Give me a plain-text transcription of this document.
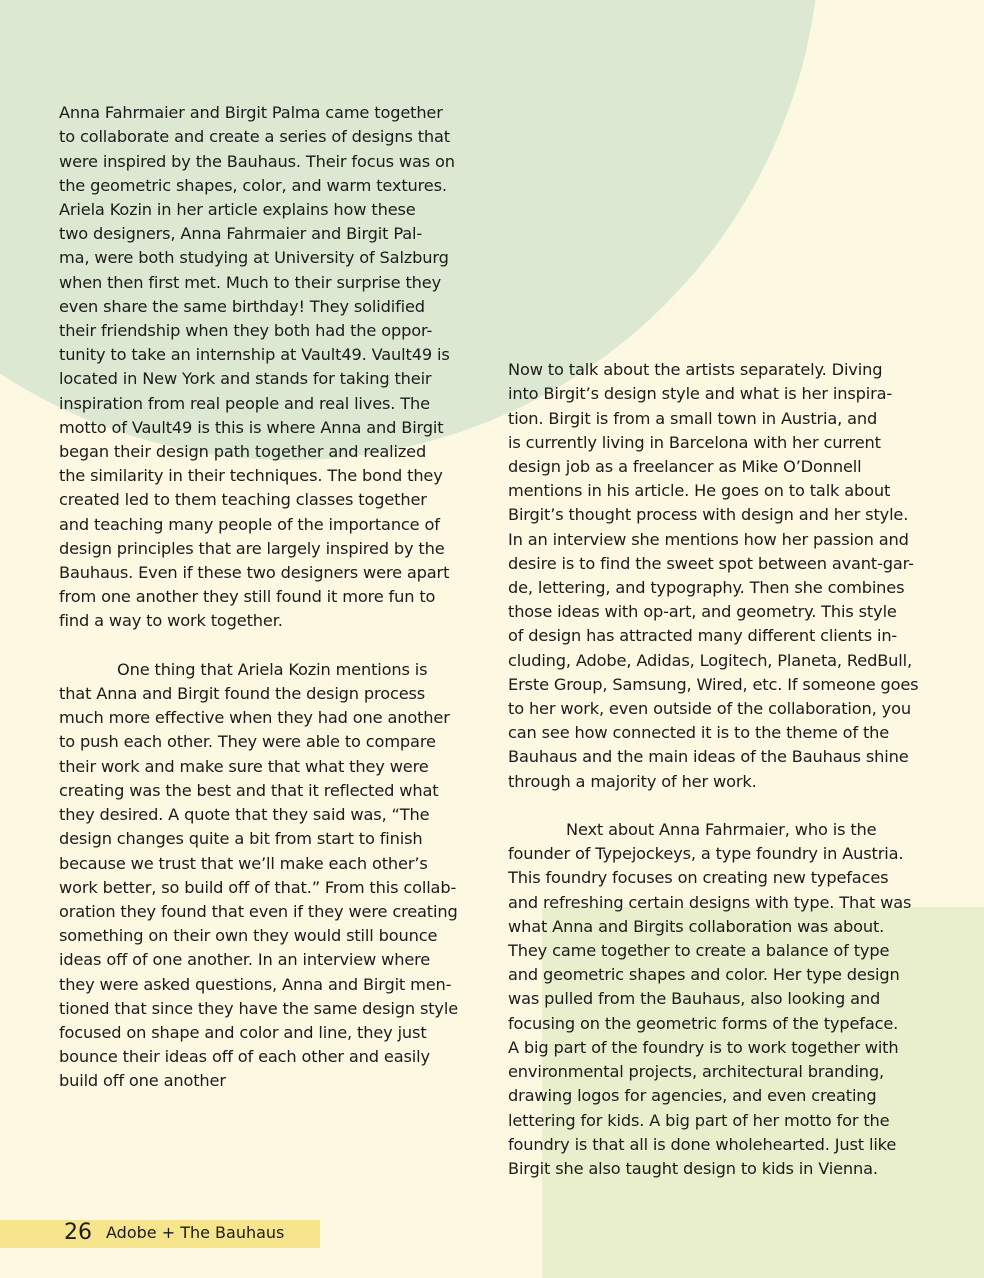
Anna Fahrmaier and Birgit Palma came together
to collaborate and create a series of designs that
were inspired by the Bauhaus. Their focus was on
the geometric shapes, color, and warm textures.
Ariela Kozin in her article explains how these
two designers, Anna Fahrmaier and Birgit Pal-
ma, were both studying at University of Salzburg
when then first met. Much to their surprise they
even share the same birthday! They solidified
their friendship when they both had the oppor-
tunity to take an internship at Vault49. Vault49 is
located in New York and stands for taking their
inspiration from real people and real lives. The
motto of Vault49 is this is where Anna and Birgit
began their design path together and realized
the similarity in their techniques. The bond they
created led to them teaching classes together
and teaching many people of the importance of
design principles that are largely inspired by the
Bauhaus. Even if these two designers were apart
from one another they still found it more fun to
find a way to work together.

One thing that Ariela Kozin mentions is
that Anna and Birgit found the design process
much more effective when they had one another
to push each other. They were able to compare
their work and make sure that what they were
creating was the best and that it reflected what
they desired. A quote that they said was, “The
design changes quite a bit from start to finish
because we trust that we’ll make each other’s
work better, so build off of that.” From this collab-
oration they found that even if they were creating
something on their own they would still bounce
ideas off of one another. In an interview where
they were asked questions, Anna and Birgit men-
tioned that since they have the same design style
focused on shape and color and line, they just
bounce their ideas off of each other and easily
build off one another

Now to talk about the artists separately. Diving
into Birgit’s design style and what is her inspira-
tion. Birgit is from a small town in Austria, and
is currently living in Barcelona with her current
design job as a freelancer as Mike O’Donnell
mentions in his article. He goes on to talk about
Birgit’s thought process with design and her style.
In an interview she mentions how her passion and
desire is to find the sweet spot between avant-gar-
de, lettering, and typography. Then she combines
those ideas with op-art, and geometry. This style
of design has attracted many different clients in-
cluding, Adobe, Adidas, Logitech, Planeta, RedBull,
Erste Group, Samsung, Wired, etc. If someone goes
to her work, even outside of the collaboration, you
can see how connected it is to the theme of the
Bauhaus and the main ideas of the Bauhaus shine
through a majority of her work.

Next about Anna Fahrmaier, who is the
founder of Typejockeys, a type foundry in Austria.
This foundry focuses on creating new typefaces
and refreshing certain designs with type. That was
what Anna and Birgits collaboration was about.
They came together to create a balance of type
and geometric shapes and color. Her type design
was pulled from the Bauhaus, also looking and
focusing on the geometric forms of the typeface.
A big part of the foundry is to work together with
environmental projects, architectural branding,
drawing logos for agencies, and even creating
lettering for kids. A big part of her motto for the
foundry is that all is done wholehearted. Just like
Birgit she also taught design to kids in Vienna.

26 Adobe + The Bauhaus
